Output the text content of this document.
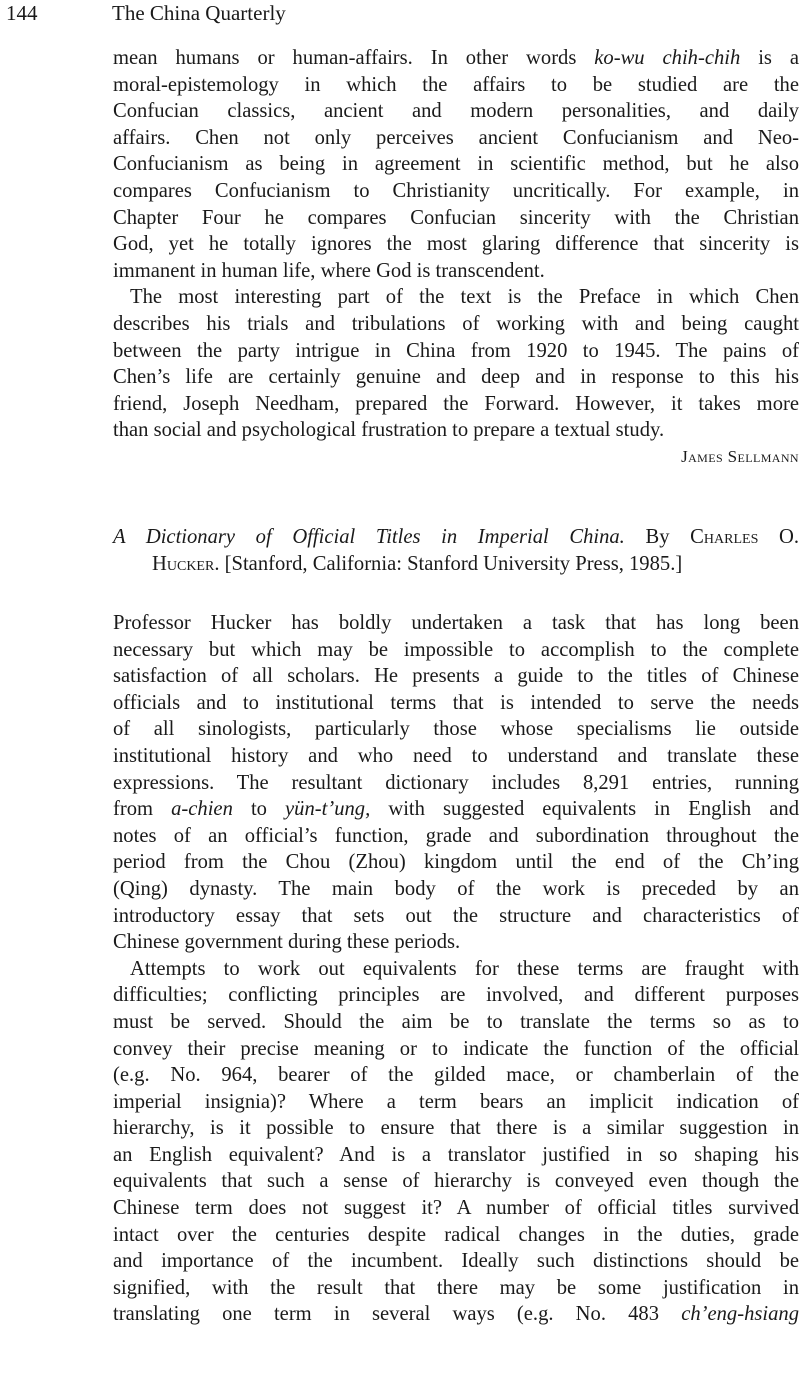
144	The China Quarterly

mean humans or human-affairs. In other words ko-wu chih-chih is a
moral-epistemology in which the affairs to be studied are the
Confucian classics, ancient and modern personalities, and daily
affairs. Chen not only perceives ancient Confucianism and Neo-
Confucianism as being in agreement in scientific method, but he also
compares Confucianism to Christianity uncritically. For example, in
Chapter Four he compares Confucian sincerity with the Christian
God, yet he totally ignores the most glaring difference that sincerity is
immanent in human life, where God is transcendent.

The most interesting part of the text is the Preface in which Chen
describes his trials and tribulations of working with and being caught
between the party intrigue in China from 1920 to 1945. The pains of
Chen’s life are certainly genuine and deep and in response to this his
friend, Joseph Needham, prepared the Forward. However, it takes more
than social and psychological frustration to prepare a textual study.

James Sellmann
A Dictionary of Official Titles in Imperial China. By Charles O.
Hucker. [Stanford, California: Stanford University Press, 1985.]

Professor Hucker has boldly undertaken a task that has long been
necessary but which may be impossible to accomplish to the complete
satisfaction of all scholars. He presents a guide to the titles of Chinese
officials and to institutional terms that is intended to serve the needs
of all sinologists, particularly those whose specialisms lie outside
institutional history and who need to understand and translate these
expressions. The resultant dictionary includes 8,291 entries, running
from a-chien to yün-t’ung, with suggested equivalents in English and
notes of an official’s function, grade and subordination throughout the
period from the Chou (Zhou) kingdom until the end of the Ch’ing
(Qing) dynasty. The main body of the work is preceded by an
introductory essay that sets out the structure and characteristics of
Chinese government during these periods.

Attempts to work out equivalents for these terms are fraught with
difficulties; conflicting principles are involved, and different purposes
must be served. Should the aim be to translate the terms so as to
convey their precise meaning or to indicate the function of the official
(e.g. No. 964, bearer of the gilded mace, or chamberlain of the
imperial insignia)? Where a term bears an implicit indication of
hierarchy, is it possible to ensure that there is a similar suggestion in
an English equivalent? And is a translator justified in so shaping his
equivalents that such a sense of hierarchy is conveyed even though the
Chinese term does not suggest it? A number of official titles survived
intact over the centuries despite radical changes in the duties, grade
and importance of the incumbent. Ideally such distinctions should be
signified, with the result that there may be some justification in
translating one term in several ways (e.g. No. 483 ch’eng-hsiang
